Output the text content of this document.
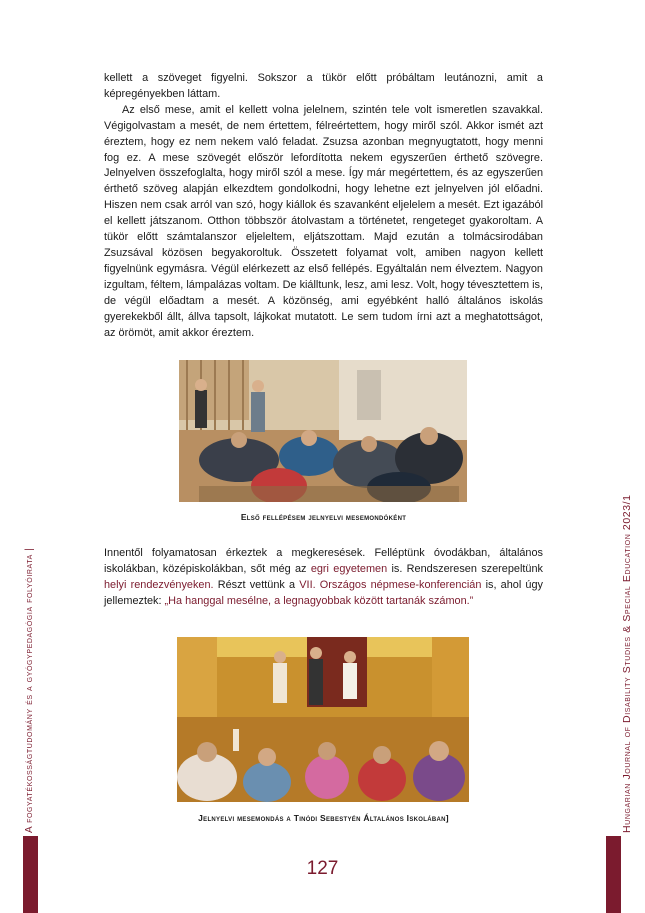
A fogyatékosságtudomány és a gyógypedagógia folyóirata |	Hungarian Journal of Disability Studies & Special Education 2023/1

kellett a szöveget figyelni. Sokszor a tükör előtt próbáltam leutánozni, amit a képregényekben láttam.

Az első mese, amit el kellett volna jelelnem, szintén tele volt ismeretlen szavakkal. Végigolvastam a mesét, de nem értettem, félreértettem, hogy miről szól. Akkor ismét azt éreztem, hogy ez nem nekem való feladat. Zsuzsa azonban megnyugtatott, hogy menni fog ez. A mese szövegét először lefordította nekem egyszerűen érthető szövegre. Jelnyelven összefoglalta, hogy miről szól a mese. Így már megértettem, és az egyszerűen érthető szöveg alapján elkezdtem gondolkodni, hogy lehetne ezt jelnyelven jól előadni. Hiszen nem csak arról van szó, hogy kiállok és szavanként eljelelem a mesét. Ezt igazából el kellett játszanom. Otthon többször átolvastam a történetet, rengeteget gyakoroltam. A tükör előtt számtalanszor eljeleltem, eljátszottam. Majd ezután a tolmácsirodában Zsuzsával közösen begyakoroltuk. Összetett folyamat volt, amiben nagyon kellett figyelnünk egymásra. Végül elérkezett az első fellépés. Egyáltalán nem élveztem. Nagyon izgultam, féltem, lámpalázas voltam. De kiálltunk, lesz, ami lesz. Volt, hogy tévesztettem is, de végül előadtam a mesét. A közönség, ami egyébként halló általános iskolás gyerekekből állt, állva tapsolt, lájkokat mutatott. Le sem tudom írni azt a meghatottságot, az örömöt, amit akkor éreztem.

Első fellépésem jelnyelvi mesemondóként
Innentől folyamatosan érkeztek a megkeresések. Felléptünk óvodákban, általános iskolákban, középiskolákban, sőt még az egri egyetemen is. Rendszeresen szerepeltünk helyi rendezvényeken. Részt vettünk a VII. Országos népmese-konferencián is, ahol úgy jellemeztek: „Ha hanggal mesélne, a legnagyobbak között tartanák számon.”
Jelnyelvi mesemondás a Tinódi Sebestyén Általános Iskolában]
127
